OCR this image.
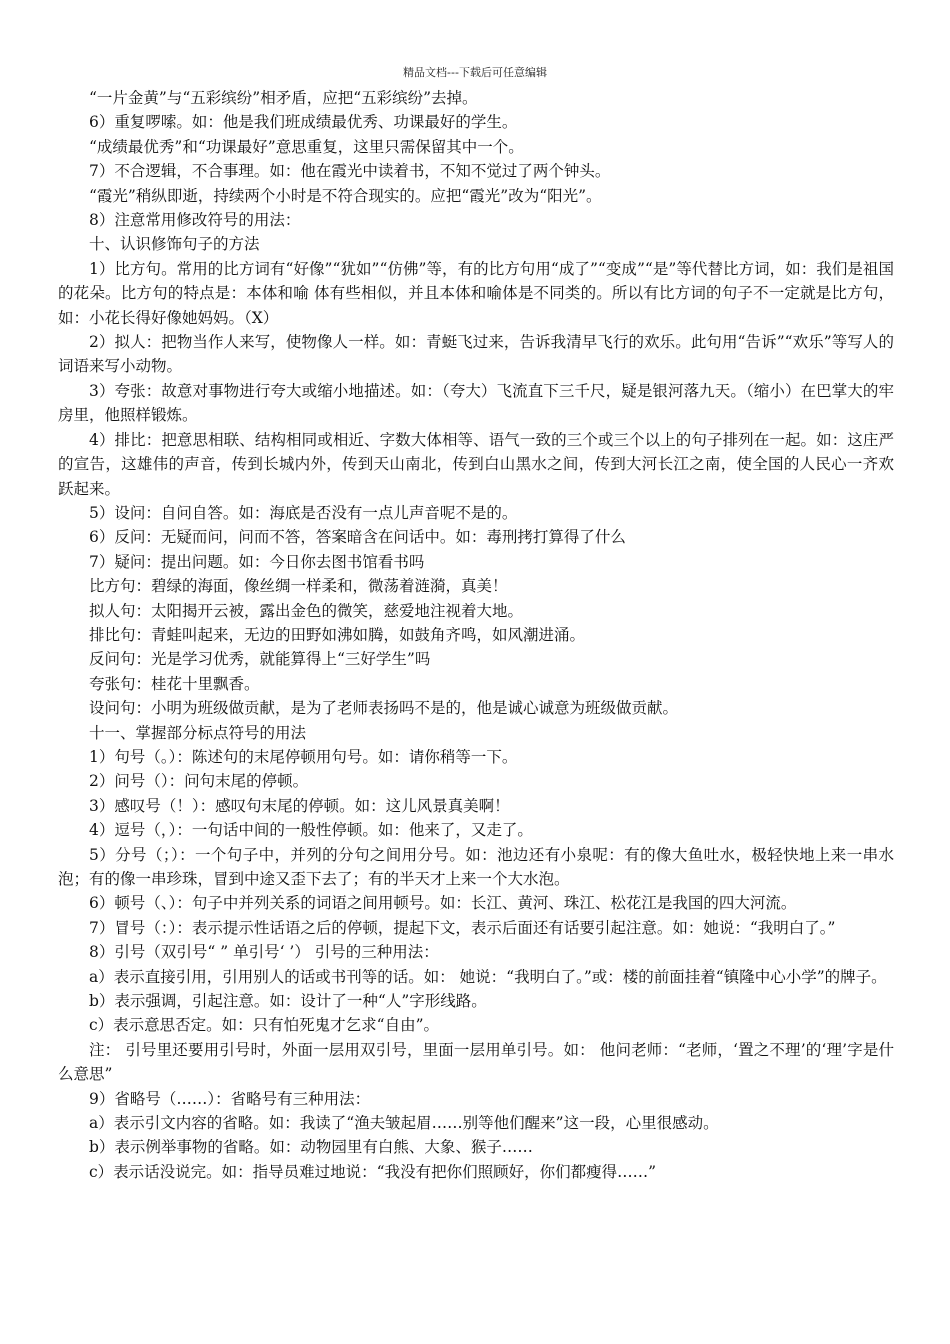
精品文档---下载后可任意编辑

“一片金黄”与“五彩缤纷”相矛盾，应把“五彩缤纷”去掉。

6）重复啰嗦。如：他是我们班成绩最优秀、功课最好的学生。

“成绩最优秀”和“功课最好”意思重复，这里只需保留其中一个。

7）不合逻辑，不合事理。如：他在霞光中读着书，不知不觉过了两个钟头。

“霞光”稍纵即逝，持续两个小时是不符合现实的。应把“霞光”改为“阳光”。

8）注意常用修改符号的用法：

十、认识修饰句子的方法

1）比方句。常用的比方词有“好像”“犹如”“仿佛”等，有的比方句用“成了”“变成”“是”等代替比方词，如：我们是祖国的花朵。比方句的特点是：本体和喻 体有些相似，并且本体和喻体是不同类的。所以有比方词的句子不一定就是比方句，如：小花长得好像她妈妈。（X）

2）拟人：把物当作人来写，使物像人一样。如：青蜓飞过来，告诉我清早飞行的欢乐。此句用“告诉”“欢乐”等写人的词语来写小动物。

3）夸张：故意对事物进行夸大或缩小地描述。如：（夸大）飞流直下三千尺，疑是银河落九天。（缩小）在巴掌大的牢房里，他照样锻炼。

4）排比：把意思相联、结构相同或相近、字数大体相等、语气一致的三个或三个以上的句子排列在一起。如：这庄严的宣告，这雄伟的声音，传到长城内外，传到天山南北，传到白山黑水之间，传到大河长江之南，使全国的人民心一齐欢跃起来。

5）设问：自问自答。如：海底是否没有一点儿声音呢不是的。

6）反问：无疑而问，问而不答，答案暗含在问话中。如：毒刑拷打算得了什么

7）疑问：提出问题。如：今日你去图书馆看书吗

比方句：碧绿的海面，像丝绸一样柔和，微荡着涟漪，真美！

拟人句：太阳揭开云被，露出金色的微笑，慈爱地注视着大地。

排比句：青蛙叫起来，无边的田野如沸如腾，如鼓角齐鸣，如风潮进涌。

反问句：光是学习优秀，就能算得上“三好学生”吗

夸张句：桂花十里飘香。

设问句：小明为班级做贡献，是为了老师表扬吗不是的，他是诚心诚意为班级做贡献。

十一、掌握部分标点符号的用法

1）句号（。）：陈述句的末尾停顿用句号。如：请你稍等一下。

2）问号（）：问句末尾的停顿。

3）感叹号（！）：感叹句末尾的停顿。如：这儿风景真美啊！

4）逗号（，）：一句话中间的一般性停顿。如：他来了，又走了。

5）分号（；）：一个句子中，并列的分句之间用分号。如：池边还有小泉呢：有的像大鱼吐水，极轻快地上来一串水泡；有的像一串珍珠，冒到中途又歪下去了；有的半天才上来一个大水泡。

6）顿号（、）：句子中并列关系的词语之间用顿号。如：长江、黄河、珠江、松花江是我国的四大河流。

7）冒号（：）：表示提示性话语之后的停顿，提起下文，表示后面还有话要引起注意。如：她说：“我明白了。”

8）引号（双引号“ ” 单引号‘ ’） 引号的三种用法：

a）表示直接引用，引用别人的话或书刊等的话。如： 她说：“我明白了。”或：楼的前面挂着“镇隆中心小学”的牌子。

b）表示强调，引起注意。如：设计了一种“人”字形线路。

c）表示意思否定。如：只有怕死鬼才乞求“自由”。

注： 引号里还要用引号时，外面一层用双引号，里面一层用单引号。如： 他问老师：“老师，‘置之不理’的‘理’字是什么意思”

9）省略号（……）：省略号有三种用法：

a）表示引文内容的省略。如：我读了“渔夫皱起眉……别等他们醒来”这一段，心里很感动。

b）表示例举事物的省略。如：动物园里有白熊、大象、猴子……

c）表示话没说完。如：指导员难过地说：“我没有把你们照顾好，你们都瘦得……”
